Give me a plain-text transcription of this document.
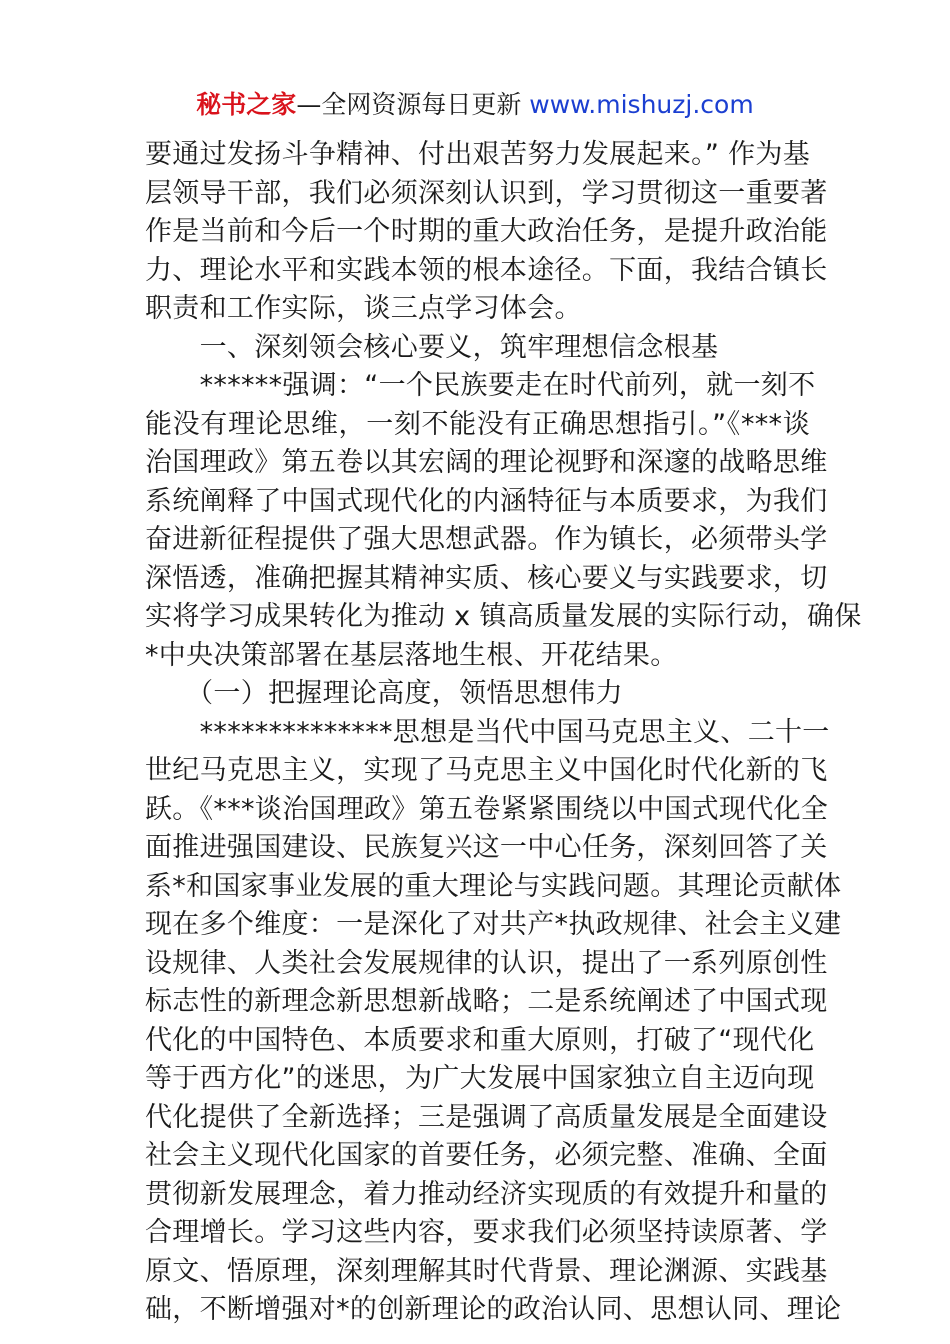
秘书之家—全网资源每日更新 www.mishuzj.com
要通过发扬斗争精神、付出艰苦努力发展起来。” 作为基
层领导干部，我们必须深刻认识到，学习贯彻这一重要著
作是当前和今后一个时期的重大政治任务，是提升政治能
力、理论水平和实践本领的根本途径。下面，我结合镇长
职责和工作实际，谈三点学习体会。
　　一、深刻领会核心要义，筑牢理想信念根基
　　******强调：“一个民族要走在时代前列，就一刻不
能没有理论思维，一刻不能没有正确思想指引。”《***谈
治国理政》第五卷以其宏阔的理论视野和深邃的战略思维
系统阐释了中国式现代化的内涵特征与本质要求，为我们
奋进新征程提供了强大思想武器。作为镇长，必须带头学
深悟透，准确把握其精神实质、核心要义与实践要求，切
实将学习成果转化为推动 x 镇高质量发展的实际行动，确保
*中央决策部署在基层落地生根、开花结果。
　　（一）把握理论高度，领悟思想伟力
　　**************思想是当代中国马克思主义、二十一
世纪马克思主义，实现了马克思主义中国化时代化新的飞
跃。《***谈治国理政》第五卷紧紧围绕以中国式现代化全
面推进强国建设、民族复兴这一中心任务，深刻回答了关
系*和国家事业发展的重大理论与实践问题。其理论贡献体
现在多个维度：一是深化了对共产*执政规律、社会主义建
设规律、人类社会发展规律的认识，提出了一系列原创性
标志性的新理念新思想新战略；二是系统阐述了中国式现
代化的中国特色、本质要求和重大原则，打破了“现代化
等于西方化”的迷思，为广大发展中国家独立自主迈向现
代化提供了全新选择；三是强调了高质量发展是全面建设
社会主义现代化国家的首要任务，必须完整、准确、全面
贯彻新发展理念，着力推动经济实现质的有效提升和量的
合理增长。学习这些内容，要求我们必须坚持读原著、学
原文、悟原理，深刻理解其时代背景、理论渊源、实践基
础，不断增强对*的创新理论的政治认同、思想认同、理论
